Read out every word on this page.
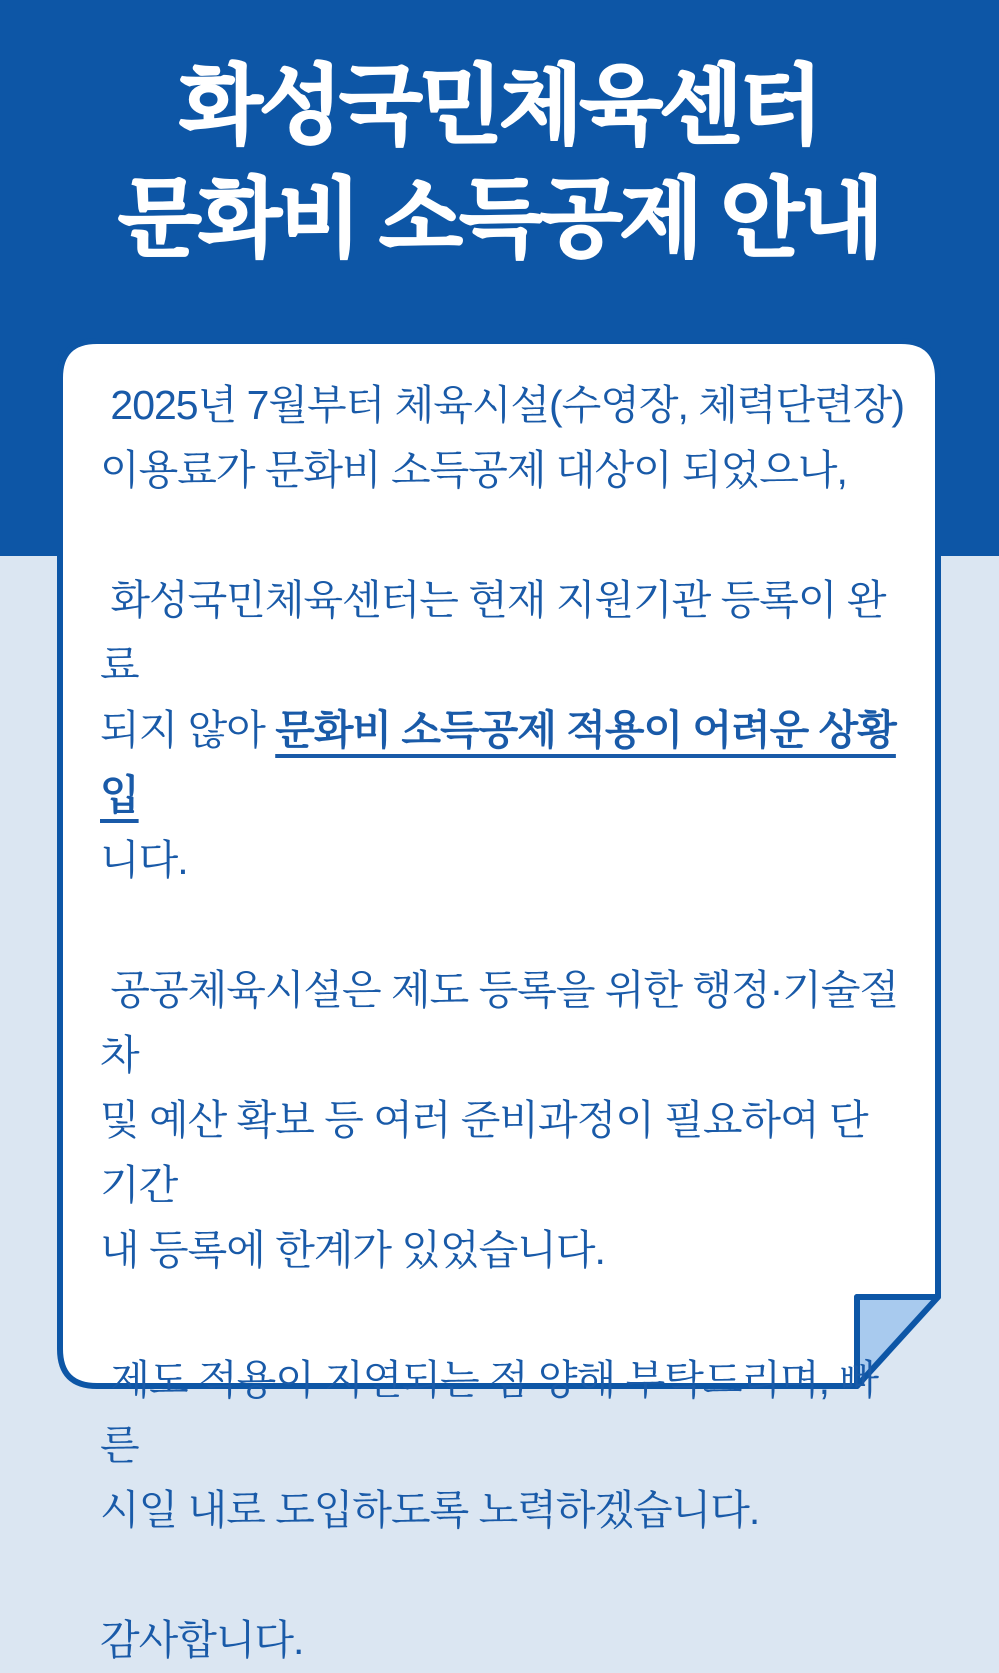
화성국민체육센터
문화비 소득공제 안내
2025년 7월부터 체육시설(수영장, 체력단련장)
이용료가 문화비 소득공제 대상이 되었으나,
화성국민체육센터는 현재 지원기관 등록이 완료
되지 않아 문화비 소득공제 적용이 어려운 상황입
니다.
공공체육시설은 제도 등록을 위한 행정·기술절차
및 예산 확보 등 여러 준비과정이 필요하여 단기간
내 등록에 한계가 있었습니다.
제도 적용이 지연되는 점 양해 부탁드리며, 빠른
시일 내로 도입하도록 노력하겠습니다.
감사합니다.
